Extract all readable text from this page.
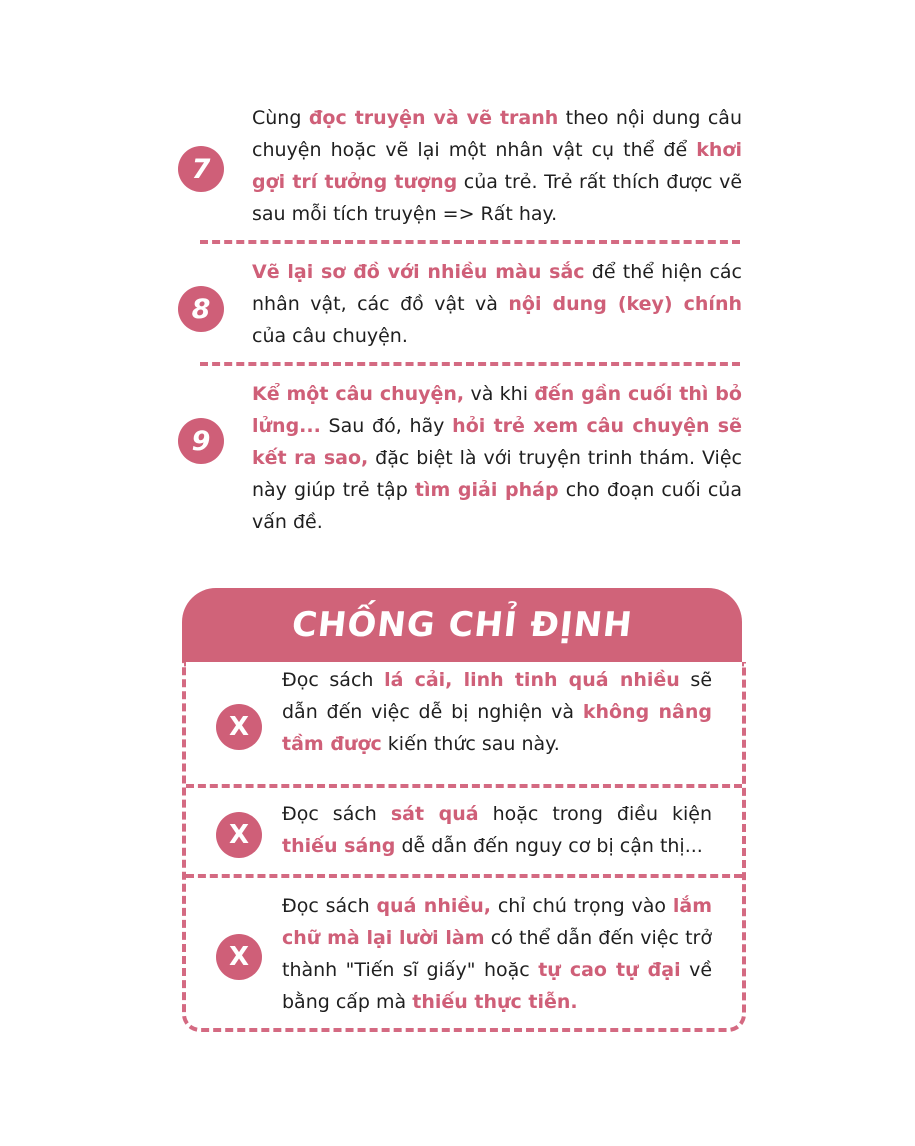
7
Cùng đọc truyện và vẽ tranh theo nội dung câu chuyện hoặc vẽ lại một nhân vật cụ thể để khơi gợi trí tưởng tượng của trẻ. Trẻ rất thích được vẽ sau mỗi tích truyện => Rất hay.
8
Vẽ lại sơ đồ với nhiều màu sắc để thể hiện các nhân vật, các đồ vật và nội dung (key) chính của câu chuyện.
9
Kể một câu chuyện, và khi đến gần cuối thì bỏ lửng... Sau đó, hãy hỏi trẻ xem câu chuyện sẽ kết ra sao, đặc biệt là với truyện trinh thám. Việc này giúp trẻ tập tìm giải pháp cho đoạn cuối của vấn đề.
CHỐNG CHỈ ĐỊNH
X
Đọc sách lá cải, linh tinh quá nhiều sẽ dẫn đến việc dễ bị nghiện và không nâng tầm được kiến thức sau này.
X
Đọc sách sát quá hoặc trong điều kiện thiếu sáng dễ dẫn đến nguy cơ bị cận thị...
X
Đọc sách quá nhiều, chỉ chú trọng vào lắm chữ mà lại lười làm có thể dẫn đến việc trở thành "Tiến sĩ giấy" hoặc tự cao tự đại về bằng cấp mà thiếu thực tiễn.
